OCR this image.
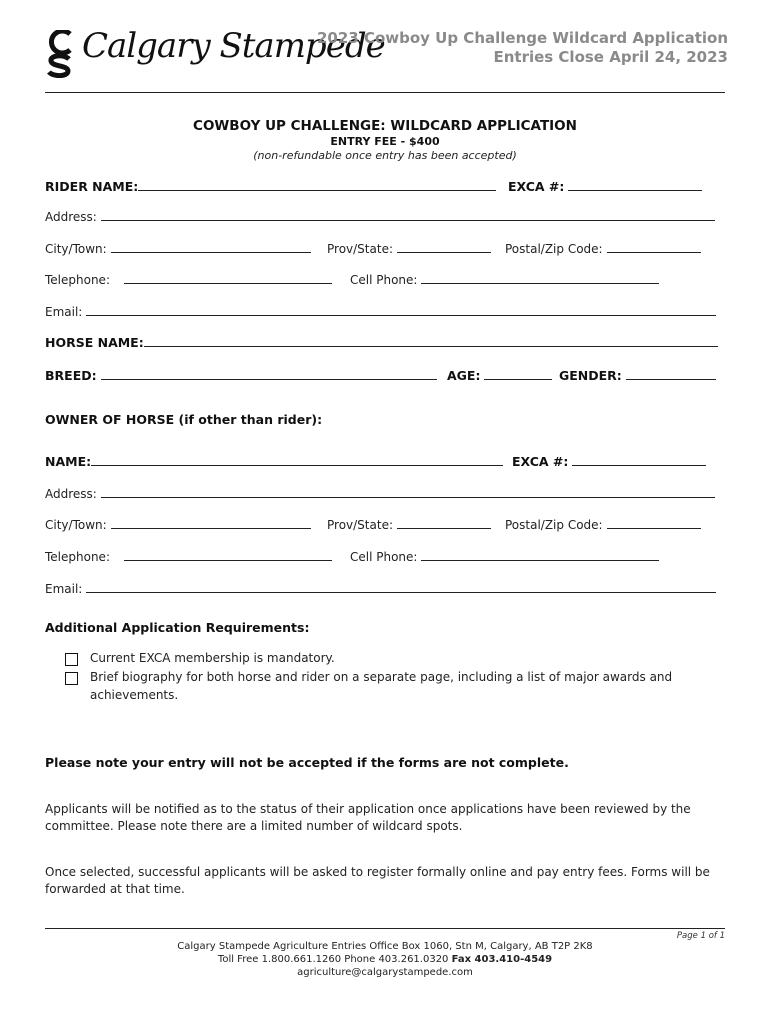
Calgary Stampede
2023 Cowboy Up Challenge Wildcard Application
Entries Close April 24, 2023
COWBOY UP CHALLENGE: WILDCARD APPLICATION
ENTRY FEE - $400
(non-refundable once entry has been accepted)
RIDER NAME:	EXCA #:
Address:
City/Town:	Prov/State:	Postal/Zip Code:
Telephone:	Cell Phone:
Email:
HORSE NAME:
BREED:	AGE:	GENDER:
OWNER OF HORSE (if other than rider):
NAME:	EXCA #:
Address:
City/Town:	Prov/State:	Postal/Zip Code:
Telephone:	Cell Phone:
Email:
Additional Application Requirements:
Current EXCA membership is mandatory.
Brief biography for both horse and rider on a separate page, including a list of major awards and
achievements.
Please note your entry will not be accepted if the forms are not complete.
Applicants will be notified as to the status of their application once applications have been reviewed by the committee. Please note there are a limited number of wildcard spots.
Once selected, successful applicants will be asked to register formally online and pay entry fees. Forms will be forwarded at that time.
Page 1 of 1
Calgary Stampede Agriculture Entries Office Box 1060, Stn M, Calgary, AB T2P 2K8
Toll Free 1.800.661.1260 Phone 403.261.0320 Fax 403.410-4549
agriculture@calgarystampede.com
